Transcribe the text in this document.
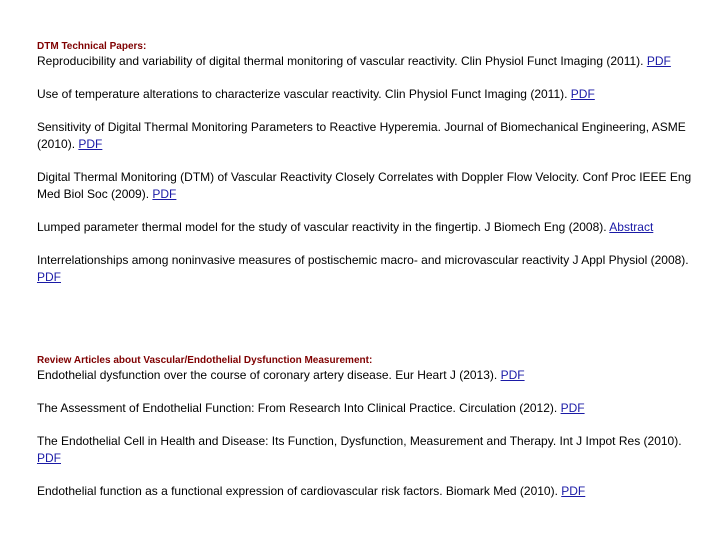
DTM Technical Papers:

Reproducibility and variability of digital thermal monitoring of vascular reactivity. Clin Physiol Funct Imaging (2011). PDF

Use of temperature alterations to characterize vascular reactivity. Clin Physiol Funct Imaging (2011). PDF

Sensitivity of Digital Thermal Monitoring Parameters to Reactive Hyperemia. Journal of Biomechanical Engineering, ASME (2010). PDF

Digital Thermal Monitoring (DTM) of Vascular Reactivity Closely Correlates with Doppler Flow Velocity. Conf Proc IEEE Eng Med Biol Soc (2009). PDF

Lumped parameter thermal model for the study of vascular reactivity in the fingertip. J Biomech Eng (2008). Abstract

Interrelationships among noninvasive measures of postischemic macro- and microvascular reactivity J Appl Physiol (2008). PDF

Review Articles about Vascular/Endothelial Dysfunction Measurement:

Endothelial dysfunction over the course of coronary artery disease. Eur Heart J (2013). PDF

The Assessment of Endothelial Function: From Research Into Clinical Practice. Circulation (2012). PDF

The Endothelial Cell in Health and Disease: Its Function, Dysfunction, Measurement and Therapy. Int J Impot Res (2010). PDF

Endothelial function as a functional expression of cardiovascular risk factors. Biomark Med (2010). PDF
